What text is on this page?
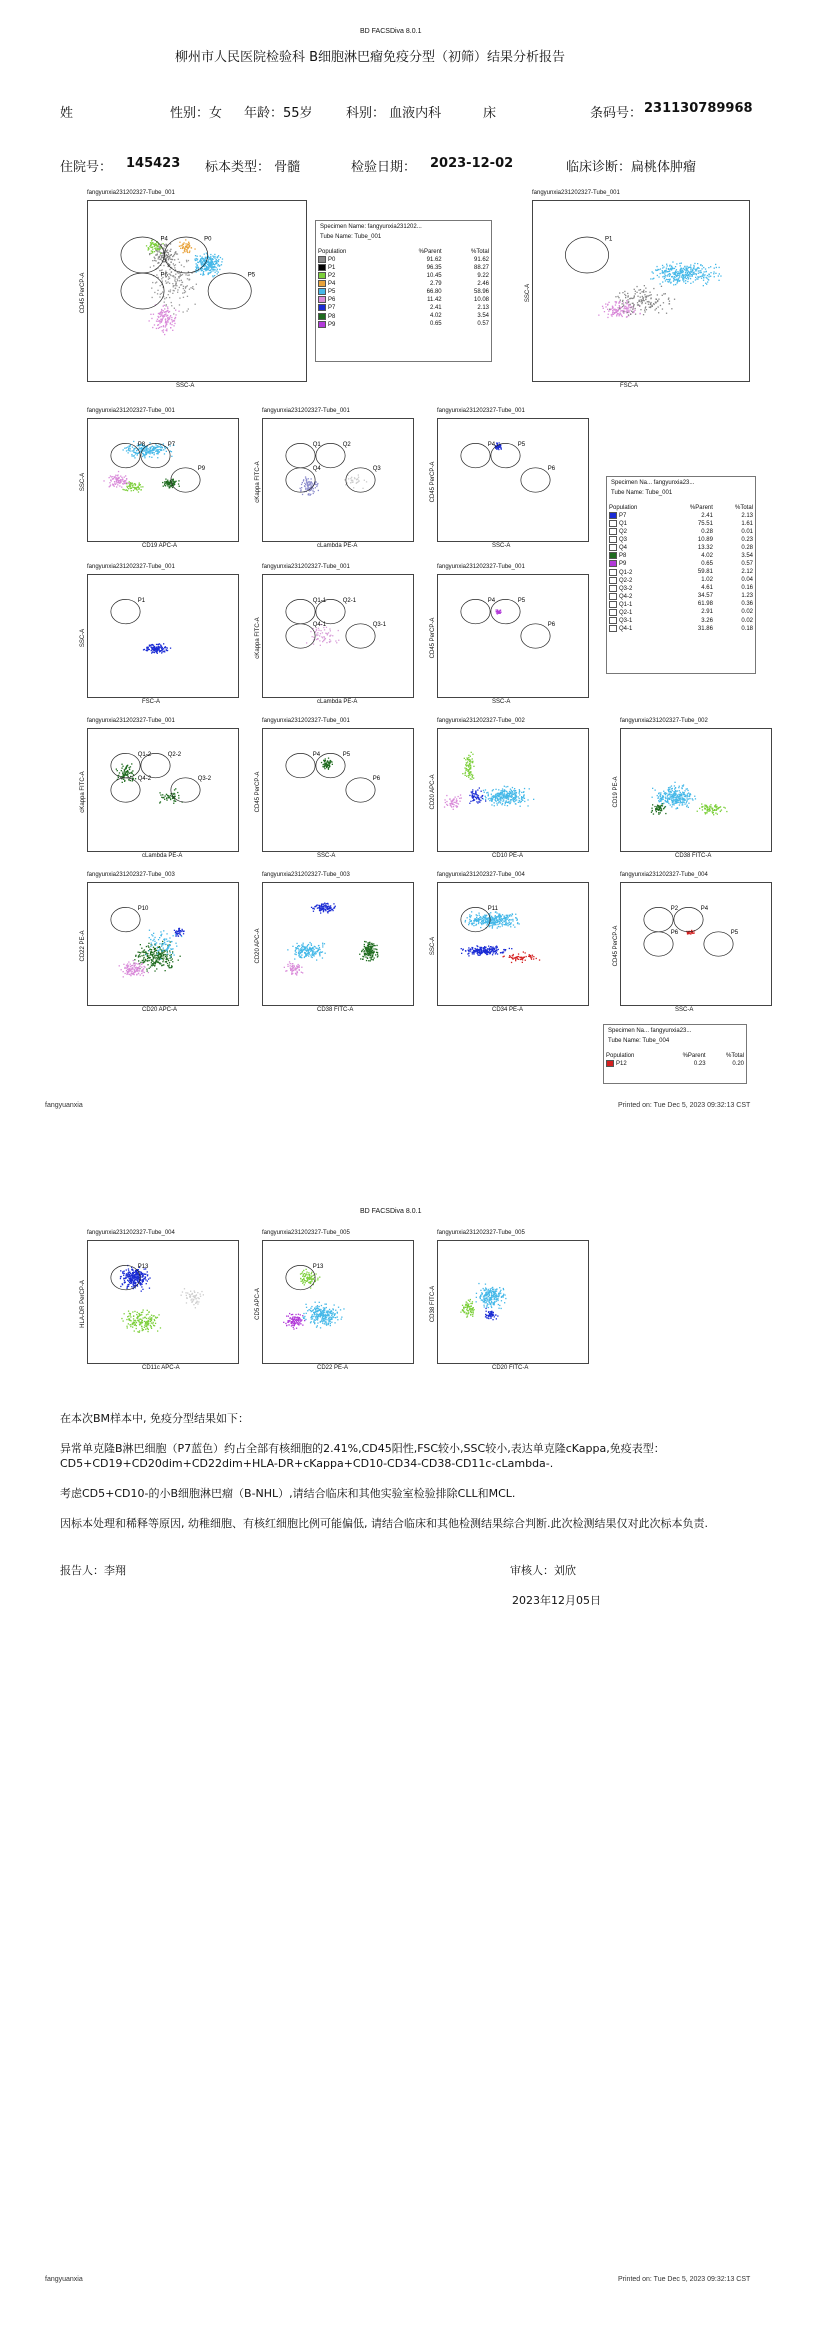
BD FACSDiva 8.0.1
柳州市人民医院检验科 B细胞淋巴瘤免疫分型（初筛）结果分析报告
姓	性别：女 年龄：55岁	科别： 血液内科	床	条码号： 231130789968
住院号： 145423 标本类型： 骨髓	检验日期： 2023-12-02	临床诊断：扁桃体肿瘤
fangyunxia231202327-Tube_001
P4	P0
P5
P6
SSC-A
CD45 PerCP-A
fangyunxia231202327-Tube_001
P1
FSC-A
SSC-A
fangyunxia231202327-Tube_001
P8	P7
P9
CD19 APC-A
SSC-A
fangyunxia231202327-Tube_001
Q1	Q2
Q3
Q4
cLambda PE-A
cKappa FITC-A
fangyunxia231202327-Tube_001
P4	P5
P6
SSC-A
CD45 PerCP-A
fangyunxia231202327-Tube_001
P1
FSC-A
SSC-A
fangyunxia231202327-Tube_001
Q1-1	Q2-1
Q3-1
Q4-1
cLambda PE-A
cKappa FITC-A
fangyunxia231202327-Tube_001
P4	P5
P6
SSC-A
CD45 PerCP-A
fangyunxia231202327-Tube_001
Q1-2	Q2-2
Q3-2
Q4-2
cLambda PE-A
cKappa FITC-A
fangyunxia231202327-Tube_001
P4	P5
P6
SSC-A
CD45 PerCP-A
fangyunxia231202327-Tube_002
CD10 PE-A
CD20 APC-A
fangyunxia231202327-Tube_002
CD38 FITC-A
CD19 PE-A
fangyunxia231202327-Tube_003
P10
CD20 APC-A
CD22 PE-A
fangyunxia231202327-Tube_003
CD38 FITC-A
CD20 APC-A
fangyunxia231202327-Tube_004
P11
CD34 PE-A
SSC-A
fangyunxia231202327-Tube_004
P2	P4
P5
P6
SSC-A
CD45 PerCP-A
Specimen Name: fangyunxia231202...
Tube Name: Tube_001
Population	%Parent	%Total
P0	91.62	91.62
P1	96.35	88.27
P2	10.45	9.22
P4	2.79	2.46
P5	66.80	58.96
P6	11.42	10.08
P7	2.41	2.13
P8	4.02	3.54
P9	0.65	0.57
Specimen Na... fangyunxia23...
Tube Name: Tube_001
Population	%Parent	%Total
P7	2.41	2.13
Q1	75.51	1.61
Q2	0.28	0.01
Q3	10.89	0.23
Q4	13.32	0.28
P8	4.02	3.54
P9	0.65	0.57
Q1-2	59.81	2.12
Q2-2	1.02	0.04
Q3-2	4.61	0.16
Q4-2	34.57	1.23
Q1-1	61.98	0.36
Q2-1	2.91	0.02
Q3-1	3.26	0.02
Q4-1	31.86	0.18
Specimen Na... fangyunxia23...
Tube Name: Tube_004
Population	%Parent	%Total
P12	0.23	0.20
fangyuanxia	Printed on: Tue Dec 5, 2023 09:32:13 CST
BD FACSDiva 8.0.1
fangyunxia231202327-Tube_004
P13
CD11c APC-A
HLA-DR PerCP-A
fangyunxia231202327-Tube_005
P13
CD22 PE-A
CD5 APC-A
fangyunxia231202327-Tube_005
CD20 FITC-A
CD38 FITC-A
在本次BM样本中, 免疫分型结果如下：
异常单克隆B淋巴细胞（P7蓝色）约占全部有核细胞的2.41%,CD45阳性,FSC较小,SSC较小,表达单克隆cKappa,免疫表型：CD5+CD19+CD20dim+CD22dim+HLA-DR+cKappa+CD10-CD34-CD38-CD11c-cLambda-.
考虑CD5+CD10-的小B细胞淋巴瘤（B-NHL）,请结合临床和其他实验室检验排除CLL和MCL.
因标本处理和稀释等原因, 幼稚细胞、有核红细胞比例可能偏低, 请结合临床和其他检测结果综合判断.此次检测结果仅对此次标本负责.
报告人：李翔	审核人：刘欣
2023年12月05日
fangyuanxia	Printed on: Tue Dec 5, 2023 09:32:13 CST
